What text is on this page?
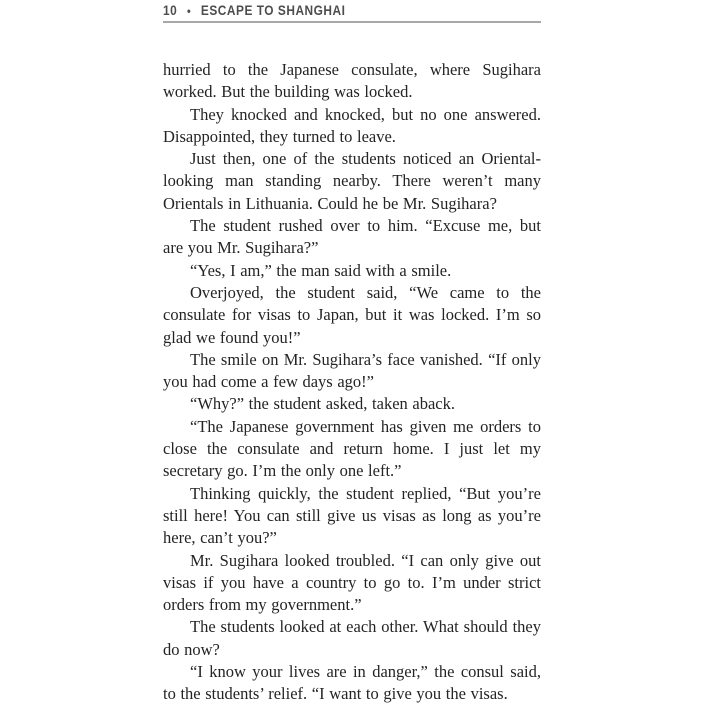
10 • ESCAPE TO SHANGHAI

hurried to the Japanese consulate, where Sugihara worked. But the building was locked.

They knocked and knocked, but no one answered. Disappointed, they turned to leave.

Just then, one of the students noticed an Oriental-looking man standing nearby. There weren’t many Orientals in Lithuania. Could he be Mr. Sugihara?

The student rushed over to him. “Excuse me, but are you Mr. Sugihara?”

“Yes, I am,” the man said with a smile.

Overjoyed, the student said, “We came to the consulate for visas to Japan, but it was locked. I’m so glad we found you!”

The smile on Mr. Sugihara’s face vanished. “If only you had come a few days ago!”

“Why?” the student asked, taken aback.

“The Japanese government has given me orders to close the consulate and return home. I just let my secretary go. I’m the only one left.”

Thinking quickly, the student replied, “But you’re still here! You can still give us visas as long as you’re here, can’t you?”

Mr. Sugihara looked troubled. “I can only give out visas if you have a country to go to. I’m under strict orders from my government.”

The students looked at each other. What should they do now?

“I know your lives are in danger,” the consul said, to the students’ relief. “I want to give you the visas.
